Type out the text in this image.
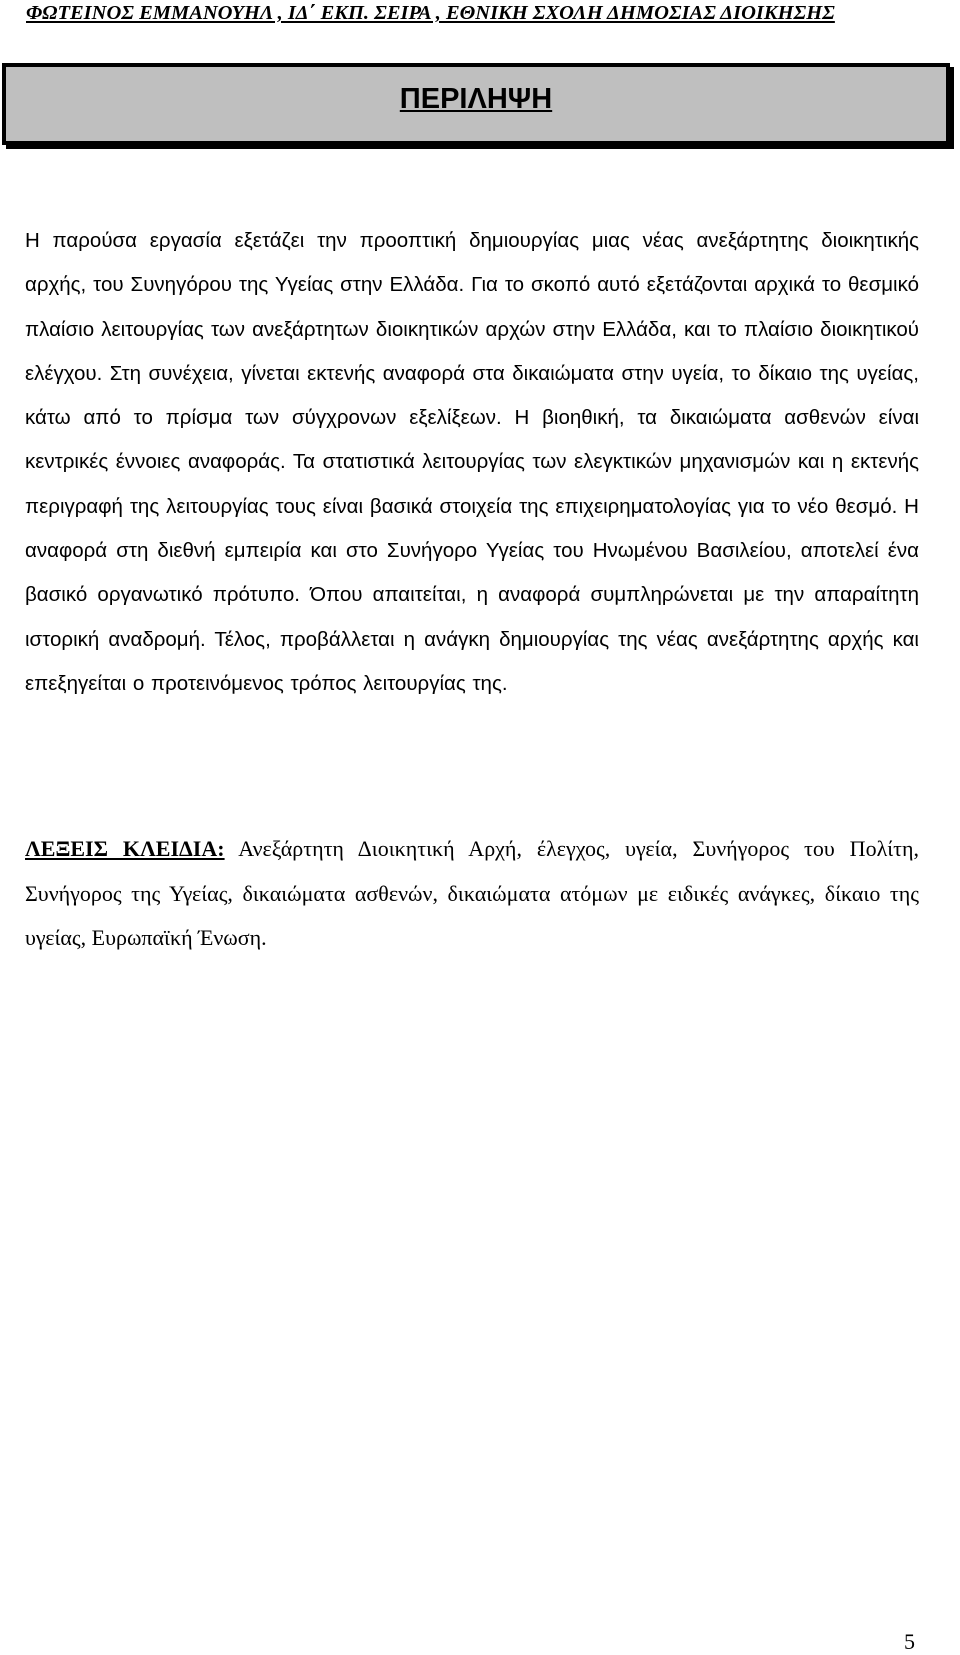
ΦΩΤΕΙΝΟΣ ΕΜΜΑΝΟΥΗΛ , ΙΔ΄ ΕΚΠ. ΣΕΙΡΑ , ΕΘΝΙΚΗ ΣΧΟΛΗ ΔΗΜΟΣΙΑΣ ΔΙΟΙΚΗΣΗΣ
ΠΕΡΙΛΗΨΗ

Η παρούσα εργασία εξετάζει την προοπτική δημιουργίας μιας νέας ανεξάρτητης διοικητικής αρχής, του Συνηγόρου της Υγείας στην Ελλάδα. Για το σκοπό αυτό εξετάζονται αρχικά το θεσμικό πλαίσιο λειτουργίας των ανεξάρτητων διοικητικών αρχών στην Ελλάδα, και το πλαίσιο διοικητικού ελέγχου. Στη συνέχεια, γίνεται εκτενής αναφορά στα δικαιώματα στην υγεία, το δίκαιο της υγείας, κάτω από το πρίσμα των σύγχρονων εξελίξεων. Η βιοηθική, τα δικαιώματα ασθενών είναι κεντρικές έννοιες αναφοράς. Τα στατιστικά λειτουργίας των ελεγκτικών μηχανισμών και η εκτενής περιγραφή της λειτουργίας τους είναι βασικά στοιχεία της επιχειρηματολογίας για το νέο θεσμό. Η αναφορά στη διεθνή εμπειρία και στο Συνήγορο Υγείας του Ηνωμένου Βασιλείου, αποτελεί ένα βασικό οργανωτικό πρότυπο. Όπου απαιτείται, η αναφορά συμπληρώνεται με την απαραίτητη ιστορική αναδρομή. Τέλος, προβάλλεται η ανάγκη δημιουργίας της νέας ανεξάρτητης αρχής και επεξηγείται ο προτεινόμενος τρόπος λειτουργίας της.

ΛΕΞΕΙΣ ΚΛΕΙΔΙΑ: Ανεξάρτητη Διοικητική Αρχή, έλεγχος, υγεία, Συνήγορος του Πολίτη, Συνήγορος της Υγείας, δικαιώματα ασθενών, δικαιώματα ατόμων με ειδικές ανάγκες, δίκαιο της υγείας, Ευρωπαϊκή Ένωση.

5
